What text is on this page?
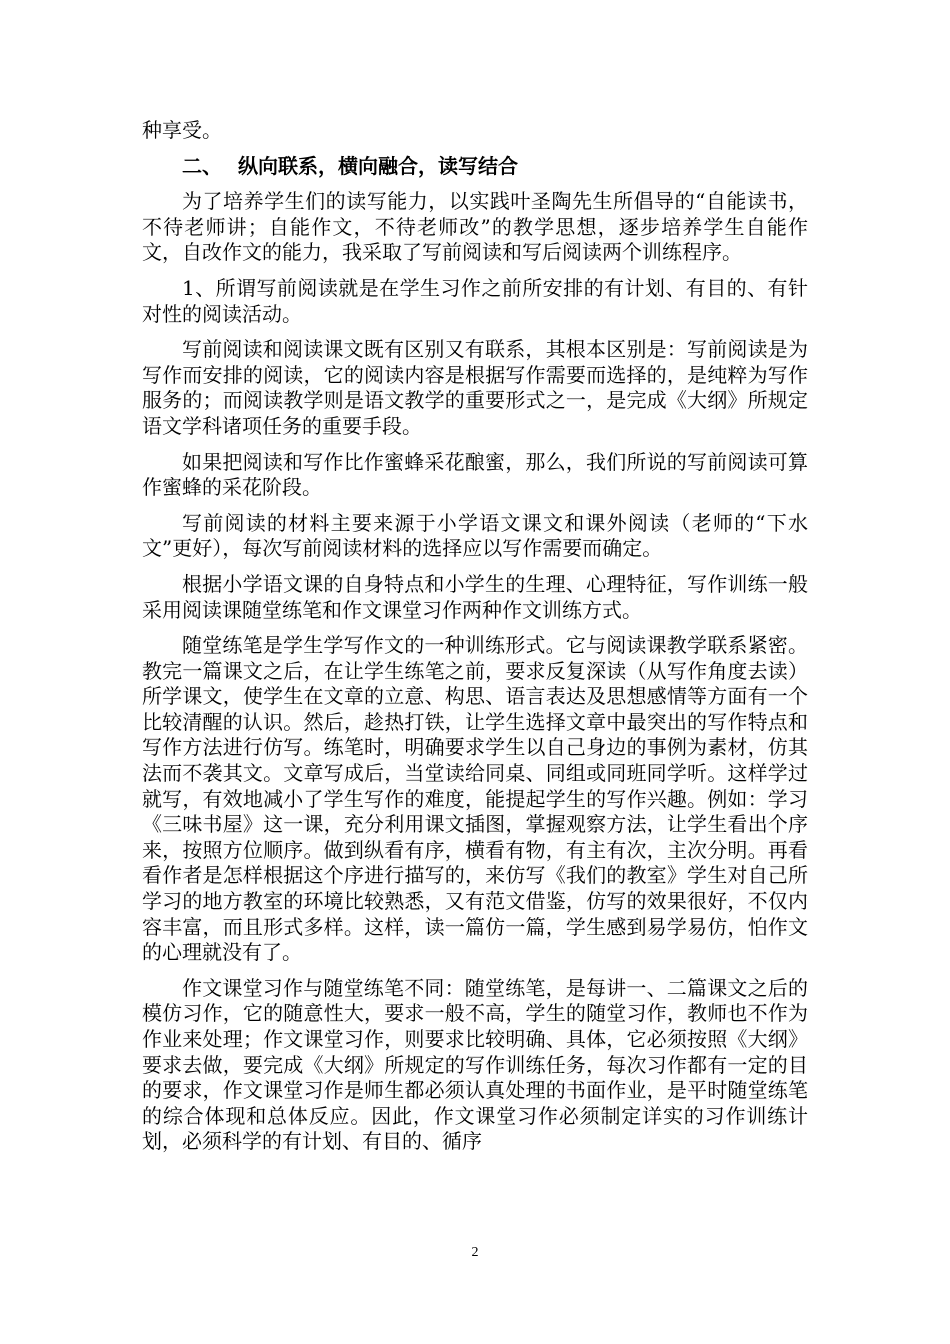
种享受。

二、 纵向联系，横向融合，读写结合

为了培养学生们的读写能力，以实践叶圣陶先生所倡导的“自能读书，不待老师讲；自能作文，不待老师改”的教学思想，逐步培养学生自能作文，自改作文的能力，我采取了写前阅读和写后阅读两个训练程序。

1、所谓写前阅读就是在学生习作之前所安排的有计划、有目的、有针对性的阅读活动。

写前阅读和阅读课文既有区别又有联系，其根本区别是：写前阅读是为写作而安排的阅读，它的阅读内容是根据写作需要而选择的，是纯粹为写作服务的；而阅读教学则是语文教学的重要形式之一，是完成《大纲》所规定语文学科诸项任务的重要手段。

如果把阅读和写作比作蜜蜂采花酿蜜，那么，我们所说的写前阅读可算作蜜蜂的采花阶段。

写前阅读的材料主要来源于小学语文课文和课外阅读（老师的“下水文”更好），每次写前阅读材料的选择应以写作需要而确定。

根据小学语文课的自身特点和小学生的生理、心理特征，写作训练一般采用阅读课随堂练笔和作文课堂习作两种作文训练方式。

随堂练笔是学生学写作文的一种训练形式。它与阅读课教学联系紧密。教完一篇课文之后，在让学生练笔之前，要求反复深读（从写作角度去读）所学课文，使学生在文章的立意、构思、语言表达及思想感情等方面有一个比较清醒的认识。然后，趁热打铁，让学生选择文章中最突出的写作特点和写作方法进行仿写。练笔时，明确要求学生以自己身边的事例为素材，仿其法而不袭其文。文章写成后，当堂读给同桌、同组或同班同学听。这样学过就写，有效地减小了学生写作的难度，能提起学生的写作兴趣。例如：学习《三味书屋》这一课，充分利用课文插图，掌握观察方法，让学生看出个序来，按照方位顺序。做到纵看有序，横看有物，有主有次，主次分明。再看看作者是怎样根据这个序进行描写的，来仿写《我们的教室》学生对自己所学习的地方教室的环境比较熟悉，又有范文借鉴，仿写的效果很好，不仅内容丰富，而且形式多样。这样，读一篇仿一篇，学生感到易学易仿，怕作文的心理就没有了。

作文课堂习作与随堂练笔不同：随堂练笔，是每讲一、二篇课文之后的模仿习作，它的随意性大，要求一般不高，学生的随堂习作，教师也不作为作业来处理；作文课堂习作，则要求比较明确、具体，它必须按照《大纲》要求去做，要完成《大纲》所规定的写作训练任务，每次习作都有一定的目的要求，作文课堂习作是师生都必须认真处理的书面作业，是平时随堂练笔的综合体现和总体反应。因此，作文课堂习作必须制定详实的习作训练计划，必须科学的有计划、有目的、循序

2
